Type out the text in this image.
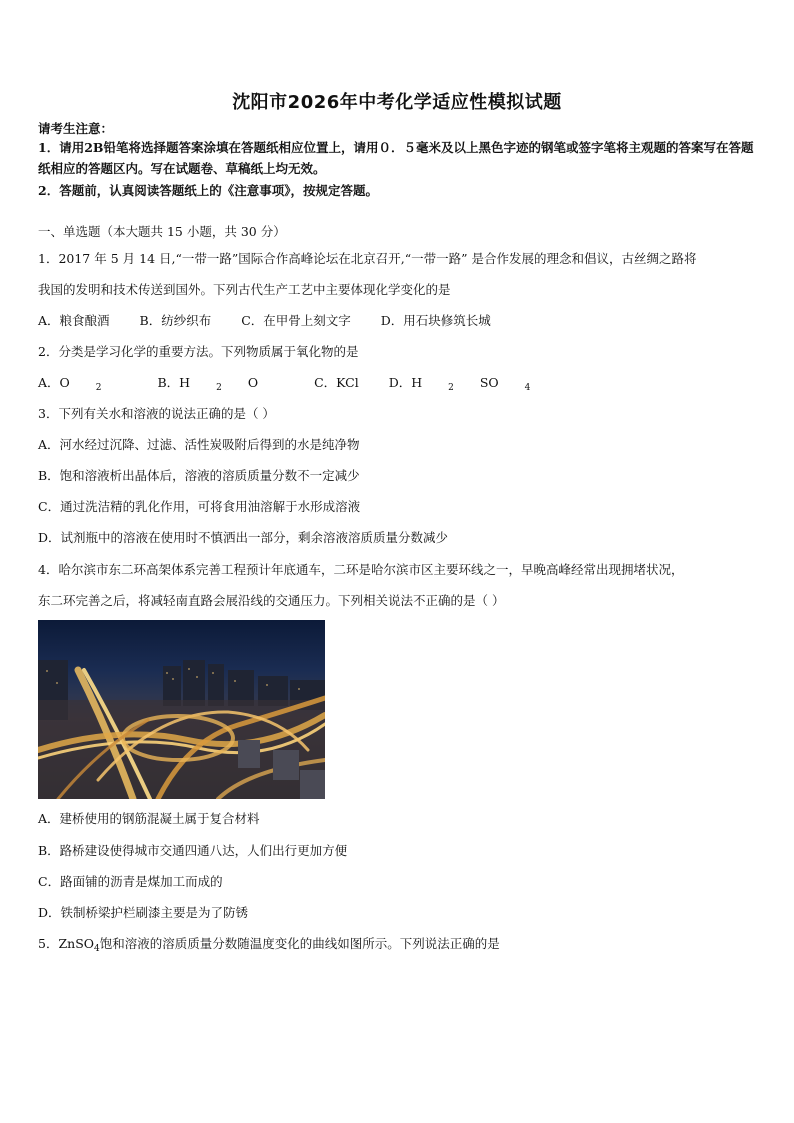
沈阳市2026年中考化学适应性模拟试题
请考生注意：
1．请用2B铅笔将选择题答案涂填在答题纸相应位置上，请用０．５毫米及以上黑色字迹的钢笔或签字笔将主观题的答案写在答题纸相应的答题区内。写在试题卷、草稿纸上均无效。
2．答题前，认真阅读答题纸上的《注意事项》，按规定答题。
一、单选题（本大题共 15 小题，共 30 分）
1．2017 年 5 月 14 日,“一带一路”国际合作高峰论坛在北京召开,“一带一路” 是合作发展的理念和倡议，古丝绸之路将
我国的发明和技术传送到国外。下列古代生产工艺中主要体现化学变化的是
A．粮食酿酒 B．纺纱织布 C．在甲骨上刻文字 D．用石块修筑长城
2．分类是学习化学的重要方法。下列物质属于氧化物的是
A．O	$_2$	B．H	$_2$ O	C．KCl D．H	$_2$ SO	$_4$
3．下列有关水和溶液的说法正确的是（ ）
A．河水经过沉降、过滤、活性炭吸附后得到的水是纯净物
B．饱和溶液析出晶体后，溶液的溶质质量分数不一定减少
C．通过洗洁精的乳化作用，可将食用油溶解于水形成溶液
D．试剂瓶中的溶液在使用时不慎洒出一部分，剩余溶液溶质质量分数减少
4．哈尔滨市东二环高架体系完善工程预计年底通车，二环是哈尔滨市区主要环线之一，早晚高峰经常出现拥堵状况，
东二环完善之后，将减轻南直路会展沿线的交通压力。下列相关说法不正确的是（ ）
A．建桥使用的钢筋混凝土属于复合材料
B．路桥建设使得城市交通四通八达，人们出行更加方便
C．路面铺的沥青是煤加工而成的
D．铁制桥梁护栏刷漆主要是为了防锈
5．ZnSO$_4$饱和溶液的溶质质量分数随温度变化的曲线如图所示。下列说法正确的是
